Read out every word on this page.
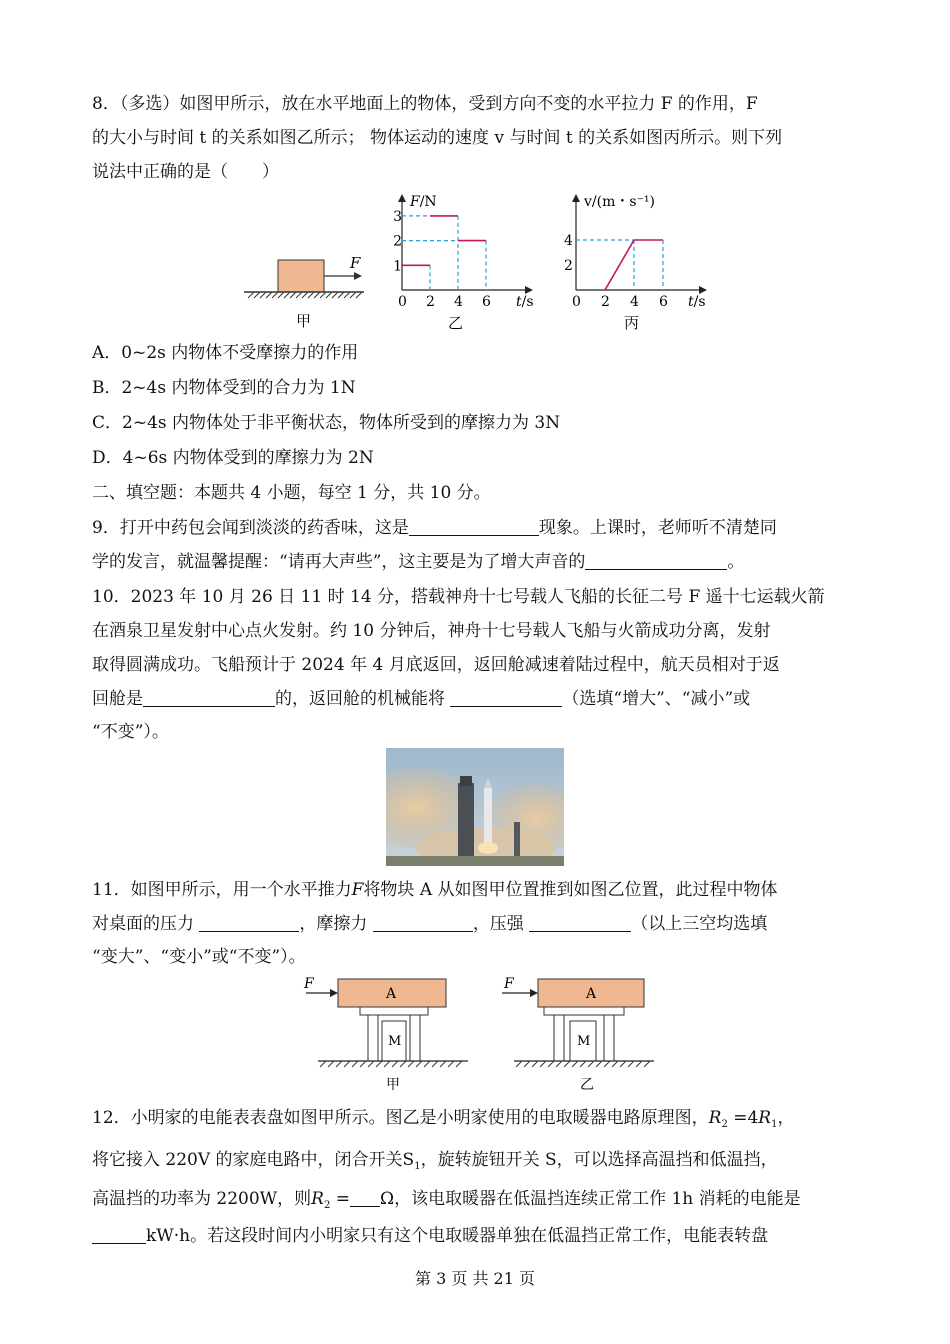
8．（多选）如图甲所示，放在水平地面上的物体，受到方向不变的水平拉力 F 的作用，F
的大小与时间 t 的关系如图乙所示； 物体运动的速度 v 与时间 t 的关系如图丙所示。则下列
说法中正确的是（　　）
F
甲
0 2 4 6
1
2
3
F/N
t/s
乙
0 2 4 6
2
4
v/(m・s⁻¹)
t/s
丙
A．0~2s 内物体不受摩擦力的作用
B．2~4s 内物体受到的合力为 1N
C．2~4s 内物体处于非平衡状态，物体所受到的摩擦力为 3N
D．4~6s 内物体受到的摩擦力为 2N
二、填空题：本题共 4 小题，每空 1 分，共 10 分。
9．打开中药包会闻到淡淡的药香味，这是	现象。上课时，老师听不清楚同
学的发言，就温馨提醒：“请再大声些”，这主要是为了增大声音的	。
10．2023 年 10 月 26 日 11 时 14 分，搭载神舟十七号载人飞船的长征二号 F 遥十七运载火箭
在酒泉卫星发射中心点火发射。约 10 分钟后，神舟十七号载人飞船与火箭成功分离，发射
取得圆满成功。飞船预计于 2024 年 4 月底返回，返回舱减速着陆过程中，航天员相对于返
回舱是	的，返回舱的机械能将	（选填“增大”、“减小”或
“不变”）。
11．如图甲所示，用一个水平推力F将物块 A 从如图甲位置推到如图乙位置，此过程中物体
对桌面的压力	，摩擦力	，压强	（以上三空均选填
“变大”、“变小”或“不变”）。
F
A
M
甲
F
A
M
乙
12．小明家的电能表表盘如图甲所示。图乙是小明家使用的电取暖器电路原理图，$R_2 =4R_1$，
将它接入 220V 的家庭电路中，闭合开关$S_1$，旋转旋钮开关 S，可以选择高温挡和低温挡，
高温挡的功率为 2200W，则$R_2 = \Omega$，该电取暖器在低温挡连续正常工作 1h 消耗的电能是
kW·h。若这段时间内小明家只有这个电取暖器单独在低温挡正常工作，电能表转盘
第 3 页 共 21 页
